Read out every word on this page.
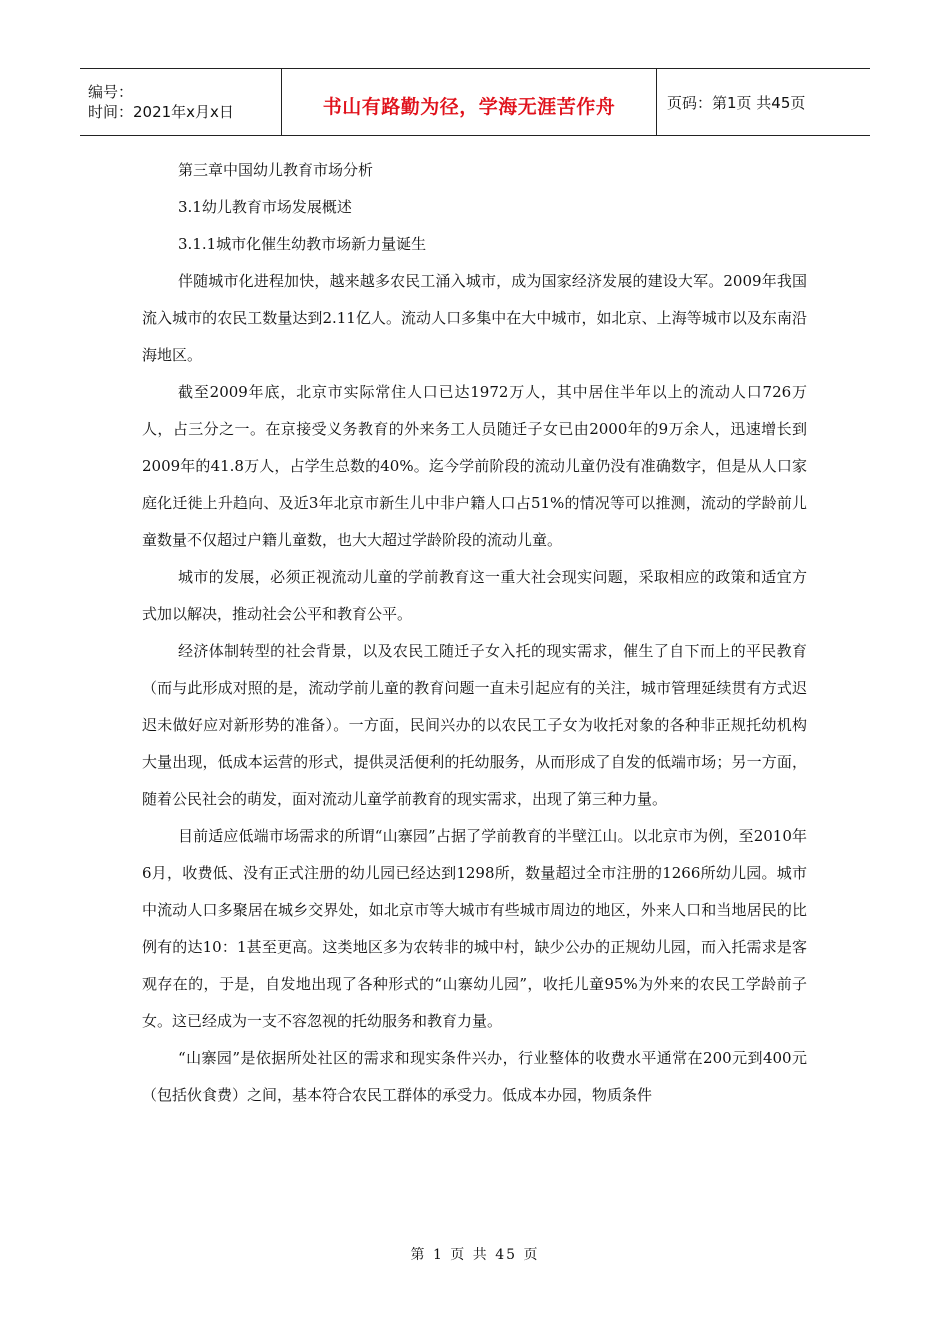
编号：
时间：2021年x月x日	书山有路勤为径，学海无涯苦作舟	页码：第1页 共45页

第三章中国幼儿教育市场分析

3.1幼儿教育市场发展概述

3.1.1城市化催生幼教市场新力量诞生

伴随城市化进程加快，越来越多农民工涌入城市，成为国家经济发展的建设大军。2009年我国流入城市的农民工数量达到2.11亿人。流动人口多集中在大中城市，如北京、上海等城市以及东南沿海地区。

截至2009年底，北京市实际常住人口已达1972万人，其中居住半年以上的流动人口726万人，占三分之一。在京接受义务教育的外来务工人员随迁子女已由2000年的9万余人，迅速增长到2009年的41.8万人，占学生总数的40%。迄今学前阶段的流动儿童仍没有准确数字，但是从人口家庭化迁徙上升趋向、及近3年北京市新生儿中非户籍人口占51%的情况等可以推测，流动的学龄前儿童数量不仅超过户籍儿童数，也大大超过学龄阶段的流动儿童。

城市的发展，必须正视流动儿童的学前教育这一重大社会现实问题，采取相应的政策和适宜方式加以解决，推动社会公平和教育公平。

经济体制转型的社会背景，以及农民工随迁子女入托的现实需求，催生了自下而上的平民教育（而与此形成对照的是，流动学前儿童的教育问题一直未引起应有的关注，城市管理延续贯有方式迟迟未做好应对新形势的准备）。一方面，民间兴办的以农民工子女为收托对象的各种非正规托幼机构大量出现，低成本运营的形式，提供灵活便利的托幼服务，从而形成了自发的低端市场；另一方面，随着公民社会的萌发，面对流动儿童学前教育的现实需求，出现了第三种力量。

目前适应低端市场需求的所谓“山寨园”占据了学前教育的半壁江山。以北京市为例，至2010年6月，收费低、没有正式注册的幼儿园已经达到1298所，数量超过全市注册的1266所幼儿园。城市中流动人口多聚居在城乡交界处，如北京市等大城市有些城市周边的地区，外来人口和当地居民的比例有的达10：1甚至更高。这类地区多为农转非的城中村，缺少公办的正规幼儿园，而入托需求是客观存在的，于是，自发地出现了各种形式的“山寨幼儿园”，收托儿童95%为外来的农民工学龄前子女。这已经成为一支不容忽视的托幼服务和教育力量。

“山寨园”是依据所处社区的需求和现实条件兴办，行业整体的收费水平通常在200元到400元（包括伙食费）之间，基本符合农民工群体的承受力。低成本办园，物质条件

第 1 页 共 45 页
